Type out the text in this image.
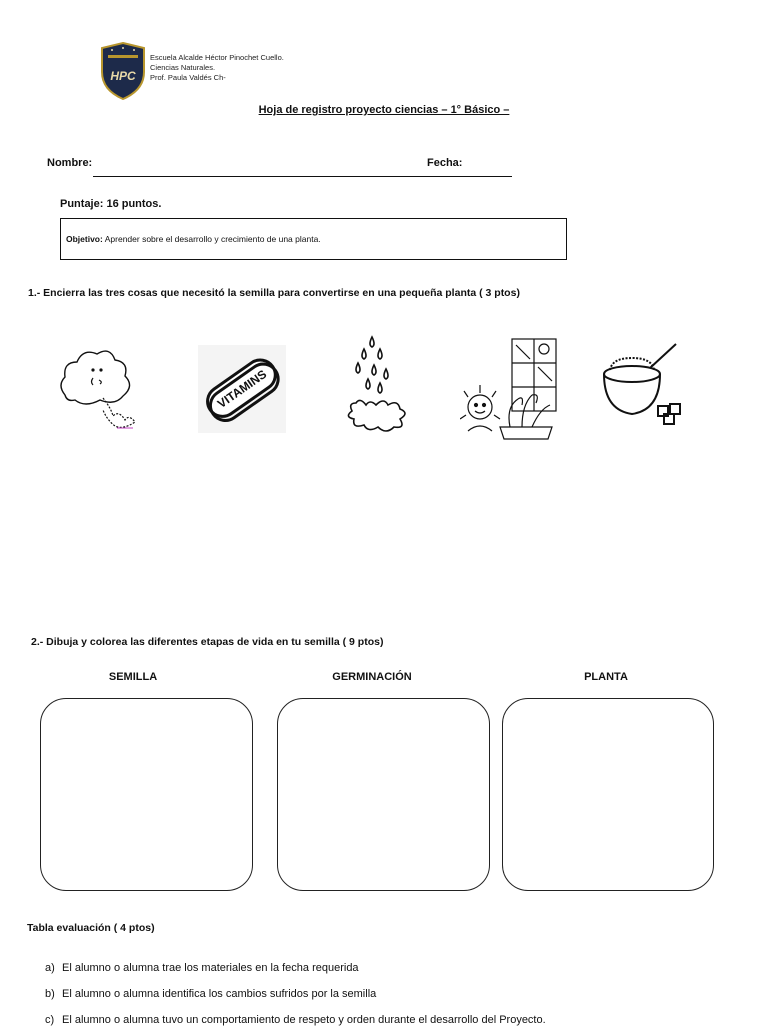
HPC
Escuela Alcalde Héctor Pinochet Cuello.
Ciencias Naturales.
Prof. Paula Valdés Ch-
Hoja de registro proyecto ciencias – 1° Básico –
Nombre:	Fecha:
Puntaje: 16 puntos.
Objetivo: Aprender sobre el desarrollo y crecimiento de una planta.
1.- Encierra las tres cosas que necesitó la semilla para convertirse en una pequeña planta ( 3 ptos)
VITAMINS
2.- Dibuja y colorea las diferentes etapas de vida en tu semilla ( 9 ptos)
SEMILLA	GERMINACIÓN	PLANTA
Tabla evaluación ( 4 ptos)
a) El alumno o alumna trae los materiales en la fecha requerida
b) El alumno o alumna identifica los cambios sufridos por la semilla
c) El alumno o alumna tuvo un comportamiento de respeto y orden durante el desarrollo del Proyecto.
